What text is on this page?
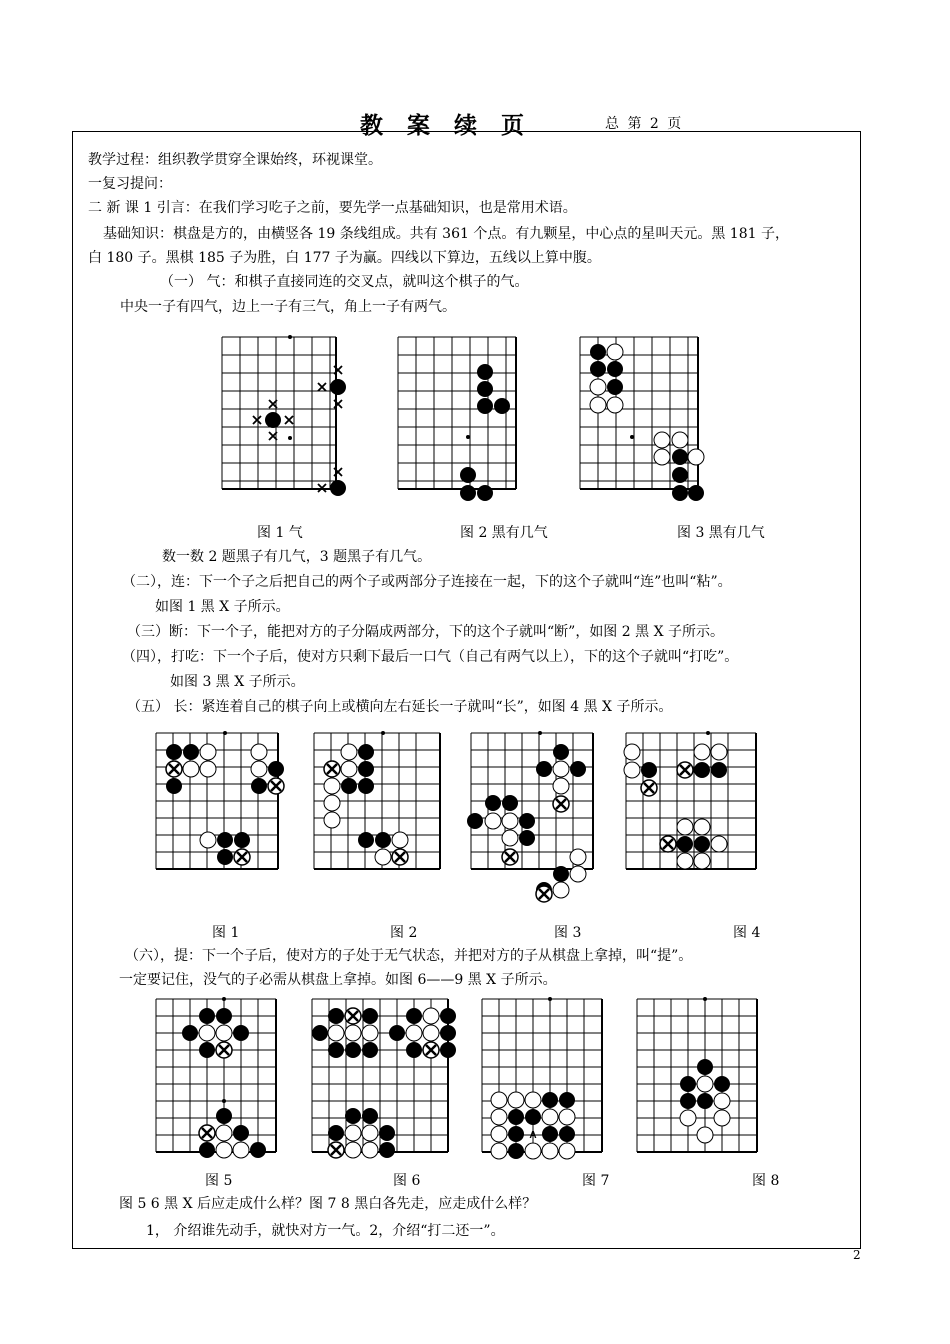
教 案 续 页	总 第 2 页
教学过程：组织教学贯穿全课始终，环视课堂。
一复习提问：
二 新 课 1 引言：在我们学习吃子之前，要先学一点基础知识，也是常用术语。
基础知识：棋盘是方的，由横竖各 19 条线组成。共有 361 个点。有九颗星，中心点的星叫天元。黑 181 子，
白 180 子。黑棋 185 子为胜，白 177 子为赢。四线以下算边，五线以上算中腹。
（一） 气：和棋子直接同连的交叉点，就叫这个棋子的气。
中央一子有四气，边上一子有三气，角上一子有两气。
图 1 气	图 2 黑有几气	图 3 黑有几气
数一数 2 题黑子有几气，3 题黑子有几气。
（二），连：下一个子之后把自己的两个子或两部分子连接在一起，下的这个子就叫“连”也叫“粘”。
如图 1 黑 X 子所示。
（三）断：下一个子，能把对方的子分隔成两部分，下的这个子就叫“断”，如图 2 黑 X 子所示。
（四），打吃：下一个子后，使对方只剩下最后一口气（自己有两气以上），下的这个子就叫“打吃”。
如图 3 黑 X 子所示。
（五） 长：紧连着自己的棋子向上或横向左右延长一子就叫“长”，如图 4 黑 X 子所示。
图 1	图 2	图 3	图 4
（六），提：下一个子后，使对方的子处于无气状态，并把对方的子从棋盘上拿掉，叫“提”。
一定要记住，没气的子必需从棋盘上拿掉。如图 6——9 黑 X 子所示。
A
图 5	图 6	图 7	图 8
图 5 6 黑 X 后应走成什么样？图 7 8 黑白各先走，应走成什么样？
1， 介绍谁先动手，就快对方一气。2，介绍“打二还一”。
2
